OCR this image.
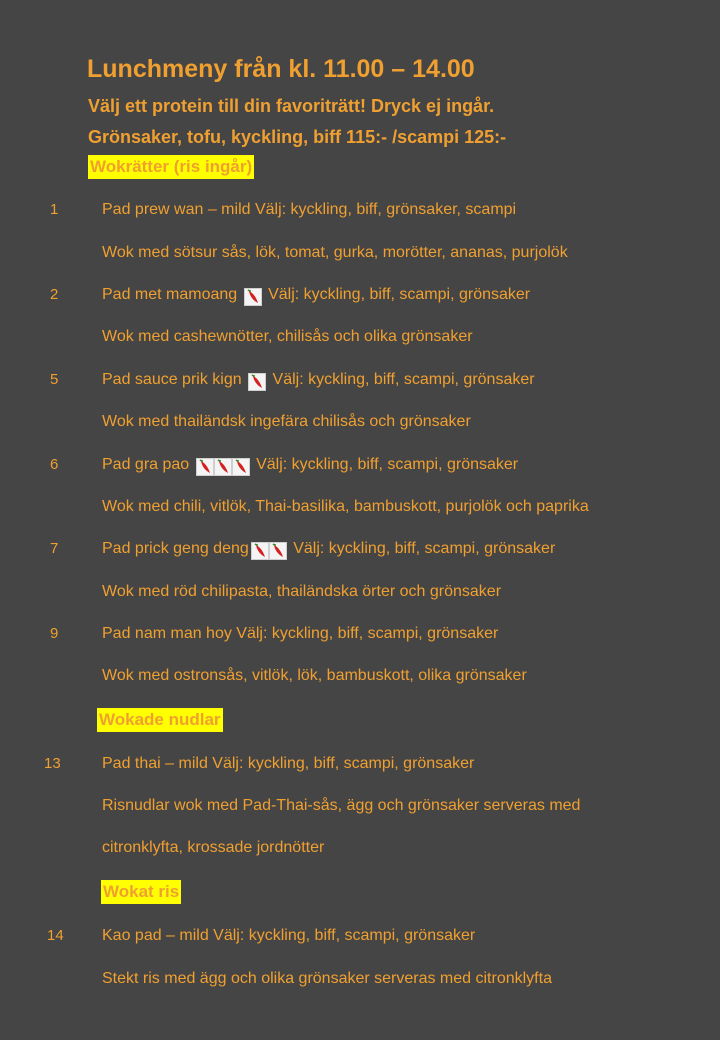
Lunchmeny från kl. 11.00 – 14.00
Välj ett protein till din favoriträtt! Dryck ej ingår.
Grönsaker, tofu, kyckling, biff 115:- /scampi 125:-
Wokrätter (ris ingår)
1	Pad prew wan – mild Välj: kyckling, biff, grönsaker, scampi
Wok med sötsur sås, lök, tomat, gurka, morötter, ananas, purjolök
2	Pad met mamoang Välj: kyckling, biff, scampi, grönsaker
Wok med cashewnötter, chilisås och olika grönsaker
5	Pad sauce prik kign Välj: kyckling, biff, scampi, grönsaker
Wok med thailändsk ingefära chilisås och grönsaker
6	Pad gra pao	Välj: kyckling, biff, scampi, grönsaker
Wok med chili, vitlök, Thai-basilika, bambuskott, purjolök och paprika
7	Pad prick geng deng	Välj: kyckling, biff, scampi, grönsaker
Wok med röd chilipasta, thailändska örter och grönsaker
9	Pad nam man hoy Välj: kyckling, biff, scampi, grönsaker
Wok med ostronsås, vitlök, lök, bambuskott, olika grönsaker
Wokade nudlar
13	Pad thai – mild Välj: kyckling, biff, scampi, grönsaker
Risnudlar wok med Pad-Thai-sås, ägg och grönsaker serveras med
citronklyfta, krossade jordnötter
Wokat ris
14 Kao pad – mild Välj: kyckling, biff, scampi, grönsaker
Stekt ris med ägg och olika grönsaker serveras med citronklyfta
